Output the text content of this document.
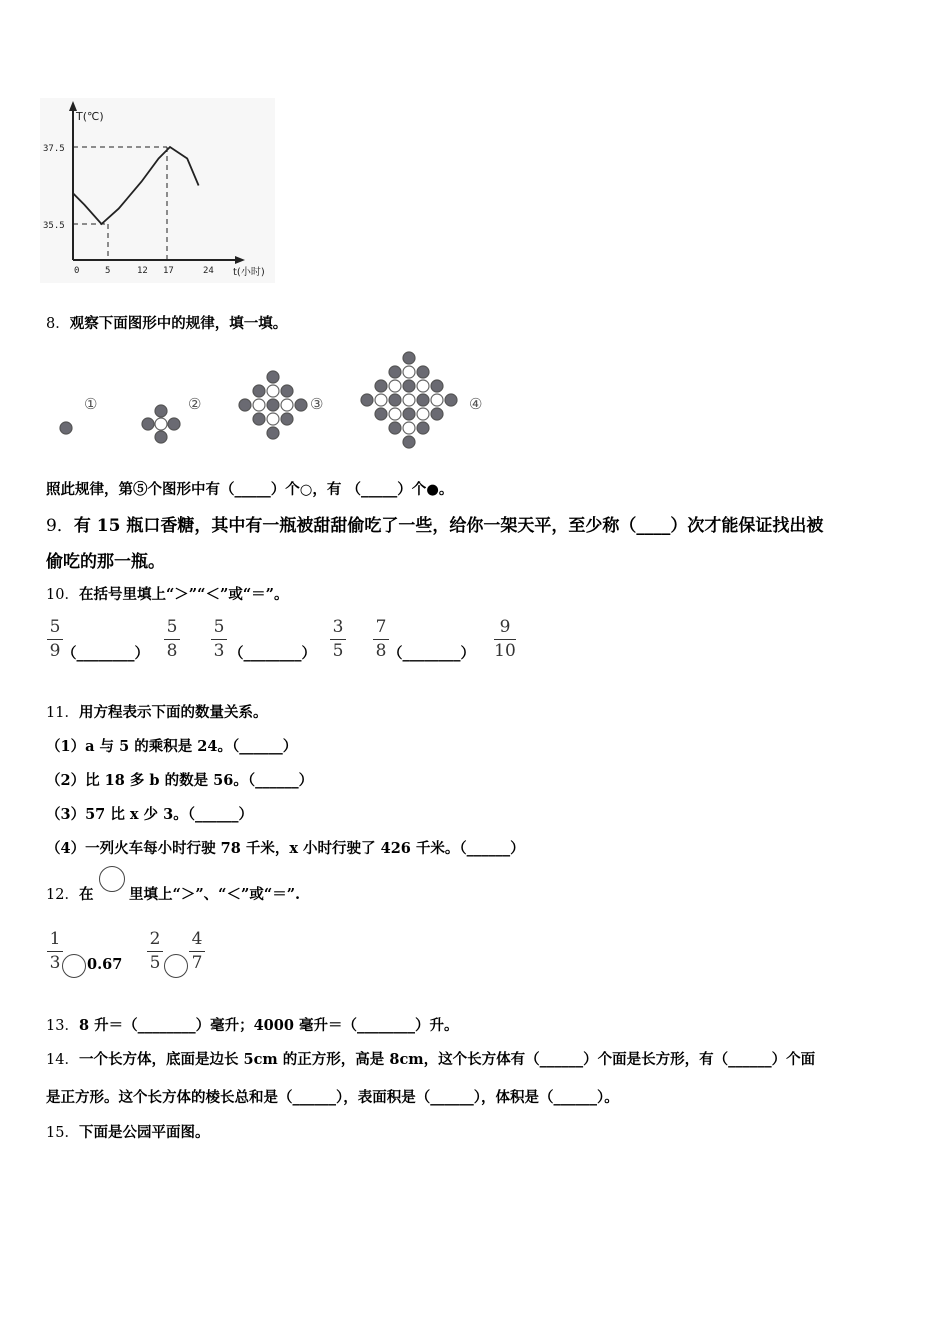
T(℃)
37.5
35.5
0	5	12 17	24 t(小时)
8．观察下面图形中的规律，填一填。
①	②	③	④
照此规律，第⑤个图形中有（_____）个○，有 （_____）个●。
9．有 15 瓶口香糖，其中有一瓶被甜甜偷吃了一些，给你一架天平，至少称（____）次才能保证找出被
偷吃的那一瓶。
10．在括号里填上“＞”“＜”或“＝”。
5
9 （________）
5
8
5
3 （________）
3
5
7
8 （________）
9
10
11．用方程表示下面的数量关系。
（1）a 与 5 的乘积是 24。（______）
（2）比 18 多 b 的数是 56。（______）
（3）57 比 x 少 3。（______）
（4）一列火车每小时行驶 78 千米，x 小时行驶了 426 千米。（______）
12．在 里填上“＞”、“＜”或“＝”.
1
3 0.67
2
5
4
7
13．8 升＝（________）毫升；4000 毫升＝（________）升。
14．一个长方体，底面是边长 5cm 的正方形，高是 8cm，这个长方体有（______）个面是长方形，有（______）个面
是正方形。这个长方体的棱长总和是（______），表面积是（______），体积是（______）。
15．下面是公园平面图。
